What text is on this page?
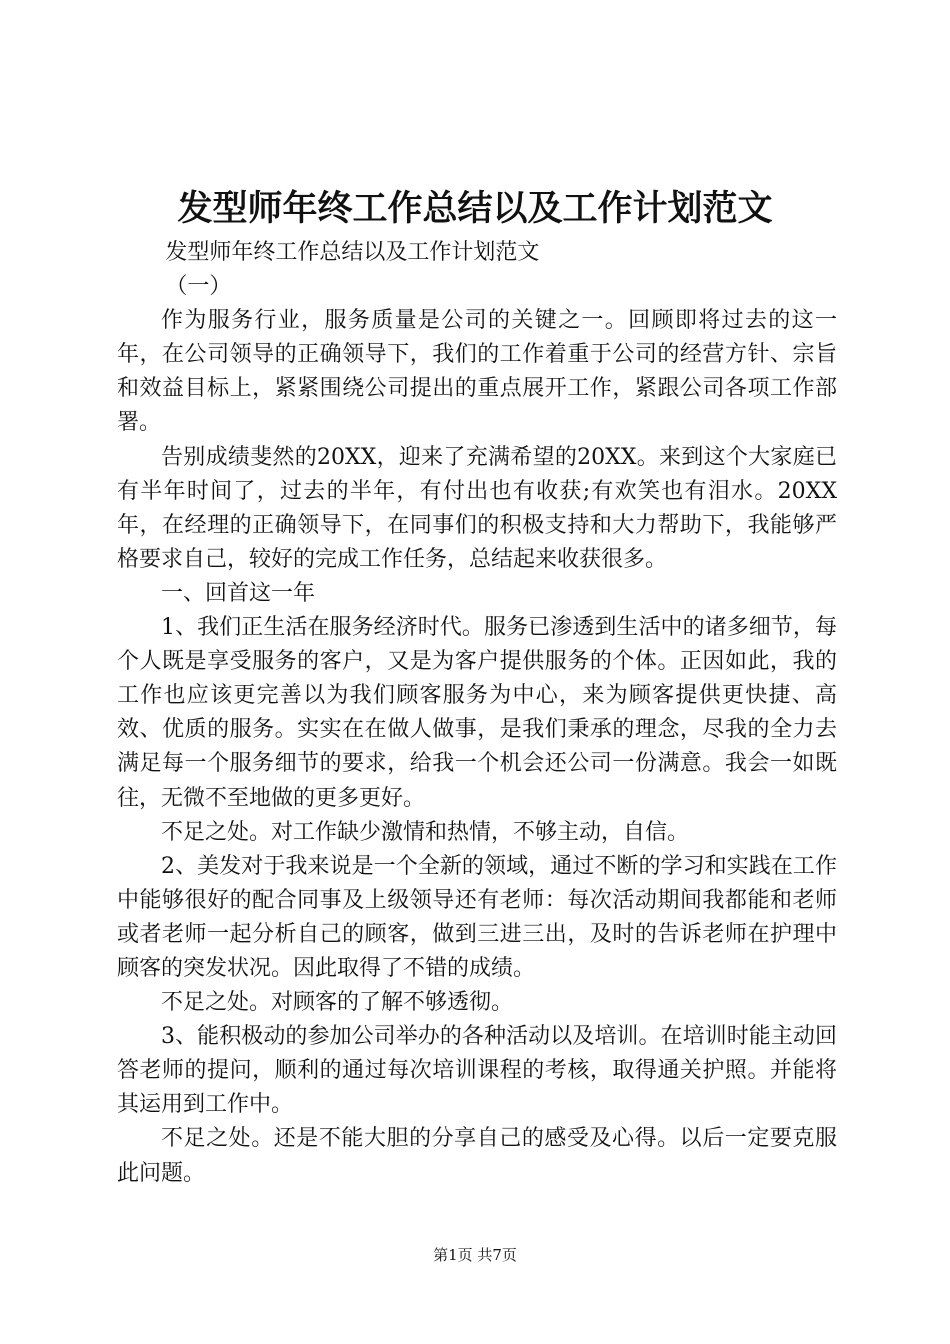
发型师年终工作总结以及工作计划范文

发型师年终工作总结以及工作计划范文

（一）

作为服务行业，服务质量是公司的关键之一。回顾即将过去的这一年，在公司领导的正确领导下，我们的工作着重于公司的经营方针、宗旨和效益目标上，紧紧围绕公司提出的重点展开工作，紧跟公司各项工作部署。

告别成绩斐然的20XX，迎来了充满希望的20XX。来到这个大家庭已有半年时间了，过去的半年，有付出也有收获;有欢笑也有泪水。20XX年，在经理的正确领导下，在同事们的积极支持和大力帮助下，我能够严格要求自己，较好的完成工作任务，总结起来收获很多。

一、回首这一年

1、我们正生活在服务经济时代。服务已渗透到生活中的诸多细节，每个人既是享受服务的客户，又是为客户提供服务的个体。正因如此，我的工作也应该更完善以为我们顾客服务为中心，来为顾客提供更快捷、高效、优质的服务。实实在在做人做事，是我们秉承的理念，尽我的全力去满足每一个服务细节的要求，给我一个机会还公司一份满意。我会一如既往，无微不至地做的更多更好。

不足之处。对工作缺少激情和热情，不够主动，自信。

2、美发对于我来说是一个全新的领域，通过不断的学习和实践在工作中能够很好的配合同事及上级领导还有老师：每次活动期间我都能和老师或者老师一起分析自己的顾客，做到三进三出，及时的告诉老师在护理中顾客的突发状况。因此取得了不错的成绩。

不足之处。对顾客的了解不够透彻。

3、能积极动的参加公司举办的各种活动以及培训。在培训时能主动回答老师的提问，顺利的通过每次培训课程的考核，取得通关护照。并能将其运用到工作中。

不足之处。还是不能大胆的分享自己的感受及心得。以后一定要克服此问题。

第1页 共7页
